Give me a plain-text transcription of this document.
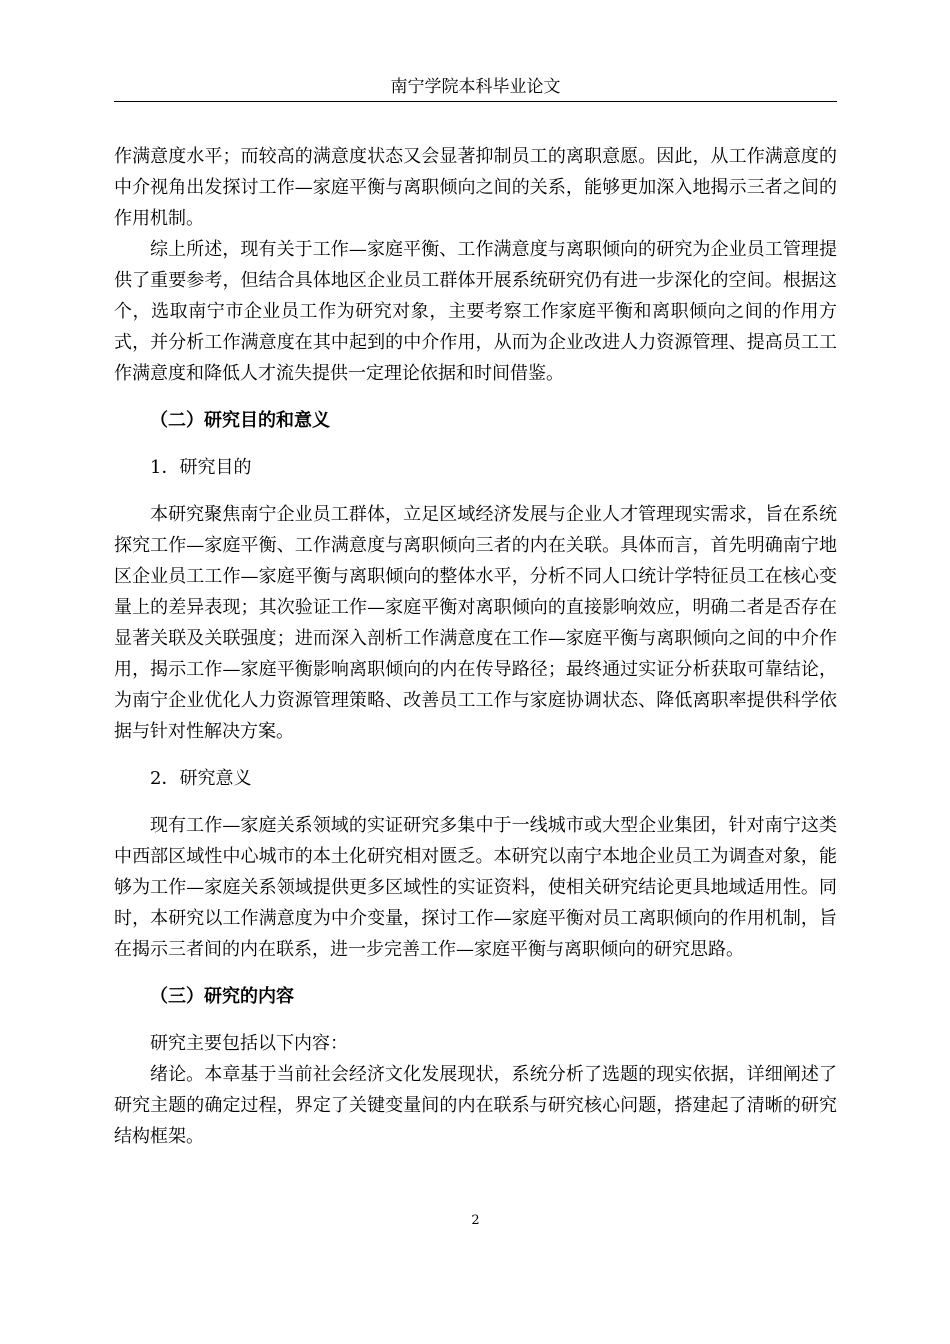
南宁学院本科毕业论文

作满意度水平；而较高的满意度状态又会显著抑制员工的离职意愿。因此，从工作满意度的中介视角出发探讨工作—家庭平衡与离职倾向之间的关系，能够更加深入地揭示三者之间的作用机制。

综上所述，现有关于工作—家庭平衡、工作满意度与离职倾向的研究为企业员工管理提供了重要参考，但结合具体地区企业员工群体开展系统研究仍有进一步深化的空间。根据这个，选取南宁市企业员工作为研究对象，主要考察工作家庭平衡和离职倾向之间的作用方式，并分析工作满意度在其中起到的中介作用，从而为企业改进人力资源管理、提高员工工作满意度和降低人才流失提供一定理论依据和时间借鉴。

（二）研究目的和意义

1．研究目的

本研究聚焦南宁企业员工群体，立足区域经济发展与企业人才管理现实需求，旨在系统探究工作—家庭平衡、工作满意度与离职倾向三者的内在关联。具体而言，首先明确南宁地区企业员工工作—家庭平衡与离职倾向的整体水平，分析不同人口统计学特征员工在核心变量上的差异表现；其次验证工作—家庭平衡对离职倾向的直接影响效应，明确二者是否存在显著关联及关联强度；进而深入剖析工作满意度在工作—家庭平衡与离职倾向之间的中介作用，揭示工作—家庭平衡影响离职倾向的内在传导路径；最终通过实证分析获取可靠结论，为南宁企业优化人力资源管理策略、改善员工工作与家庭协调状态、降低离职率提供科学依据与针对性解决方案。

2．研究意义

现有工作—家庭关系领域的实证研究多集中于一线城市或大型企业集团，针对南宁这类中西部区域性中心城市的本土化研究相对匮乏。本研究以南宁本地企业员工为调查对象，能够为工作—家庭关系领域提供更多区域性的实证资料，使相关研究结论更具地域适用性。同时，本研究以工作满意度为中介变量，探讨工作—家庭平衡对员工离职倾向的作用机制，旨在揭示三者间的内在联系，进一步完善工作—家庭平衡与离职倾向的研究思路。

（三）研究的内容

研究主要包括以下内容：

绪论。本章基于当前社会经济文化发展现状，系统分析了选题的现实依据，详细阐述了研究主题的确定过程，界定了关键变量间的内在联系与研究核心问题，搭建起了清晰的研究结构框架。

2
